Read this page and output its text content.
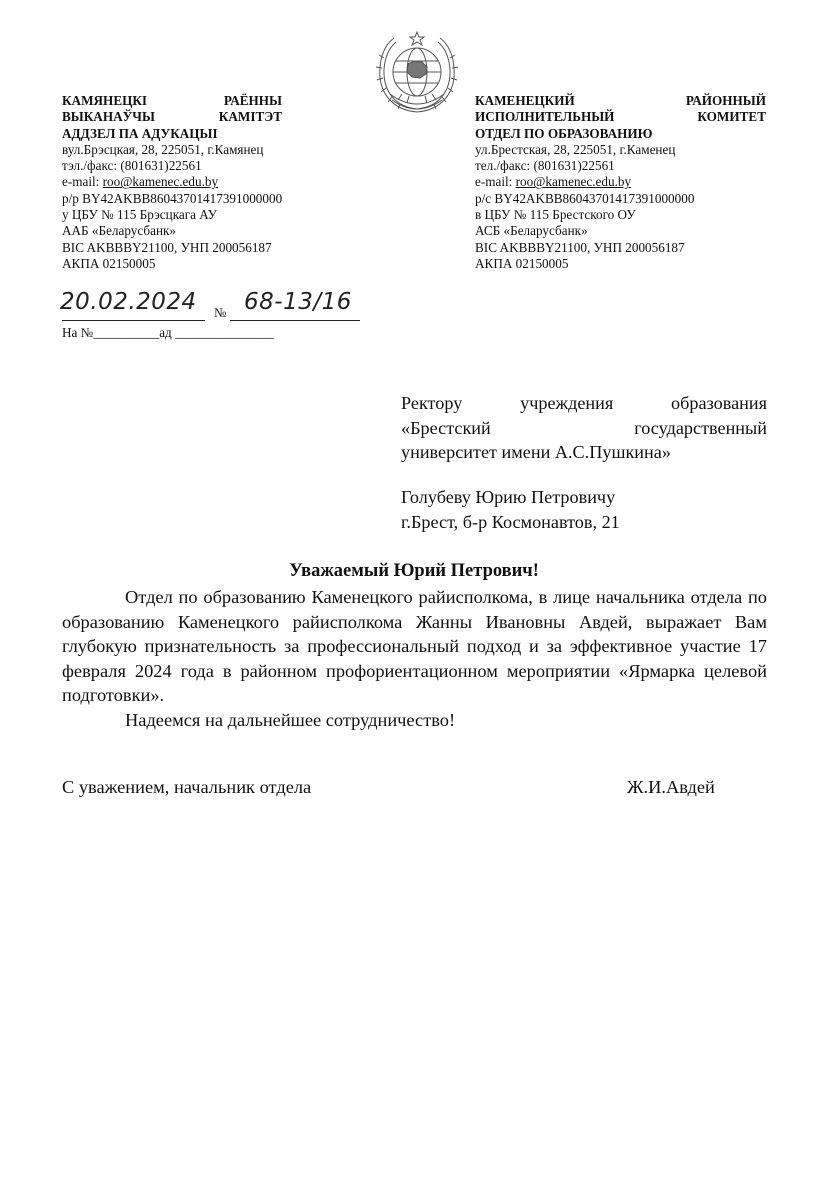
КАМЯНЕЦКІ РАЁННЫ
ВЫКАНАЎЧЫ КАМІТЭТ
АДДЗЕЛ ПА АДУКАЦЫІ
вул.Брэсцкая, 28, 225051, г.Камянец
тэл./факс: (801631)22561
e-mail: roo@kamenec.edu.by
р/р BY42AKBB86043701417391000000
у ЦБУ № 115 Брэсцкага АУ
ААБ «Беларусбанк»
BIC AKBBBY21100, УНП 200056187
АКПА 02150005
КАМЕНЕЦКИЙ РАЙОННЫЙ
ИСПОЛНИТЕЛЬНЫЙ КОМИТЕТ
ОТДЕЛ ПО ОБРАЗОВАНИЮ
ул.Брестская, 28, 225051, г.Каменец
тел./факс: (801631)22561
e-mail: roo@kamenec.edu.by
р/с BY42AKBB86043701417391000000
в ЦБУ № 115 Брестского ОУ
АСБ «Беларусбанк»
BIC AKBBBY21100, УНП 200056187
АКПА 02150005
20.02.2024 № 68-13/16
На №__________ад _______________
Ректору учреждения образования
«Брестский государственный
университет имени А.С.Пушкина»
Голубеву Юрию Петровичу
г.Брест, б-р Космонавтов, 21
Уважаемый Юрий Петрович!

Отдел по образованию Каменецкого райисполкома, в лице начальника отдела по образованию Каменецкого райисполкома Жанны Ивановны Авдей, выражает Вам глубокую признательность за профессиональный подход и за эффективное участие 17 февраля 2024 года в районном профориентационном мероприятии «Ярмарка целевой подготовки».

Надеемся на дальнейшее сотрудничество!

С уважением, начальник отдела	Ж.И.Авдей
